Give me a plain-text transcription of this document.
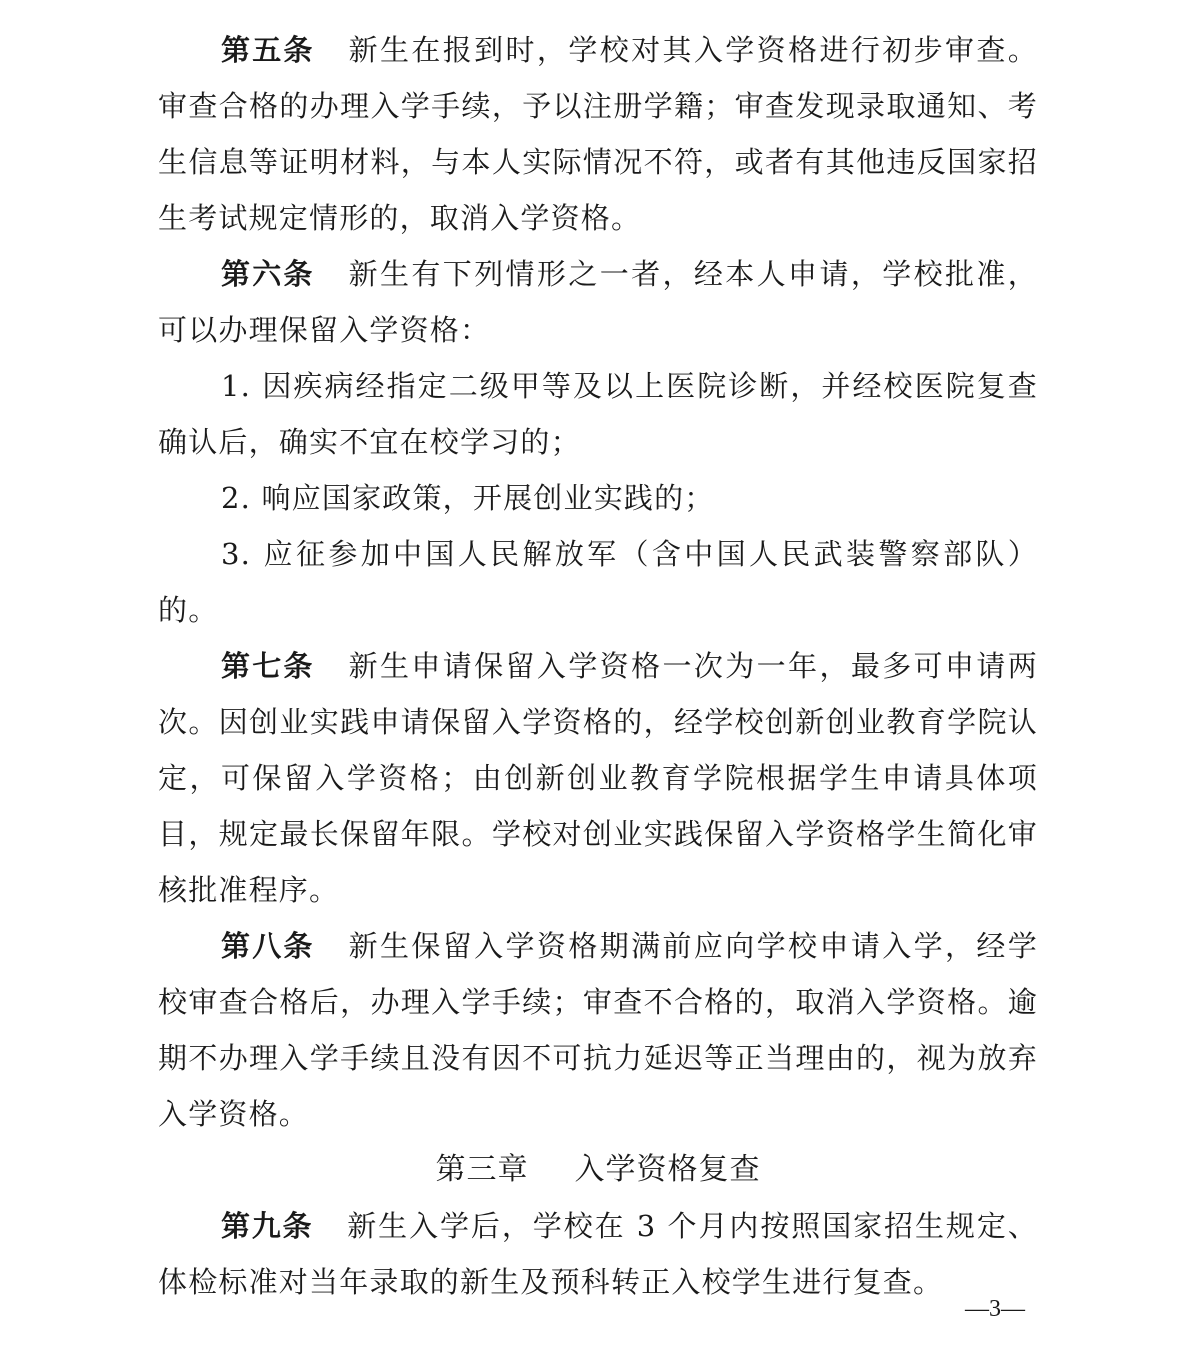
第五条 新生在报到时，学校对其入学资格进行初步审查。审查合格的办理入学手续，予以注册学籍；审查发现录取通知、考生信息等证明材料，与本人实际情况不符，或者有其他违反国家招生考试规定情形的，取消入学资格。

第六条 新生有下列情形之一者，经本人申请，学校批准，可以办理保留入学资格：

1. 因疾病经指定二级甲等及以上医院诊断，并经校医院复查确认后，确实不宜在校学习的；

2. 响应国家政策，开展创业实践的；

3. 应征参加中国人民解放军（含中国人民武装警察部队）的。

第七条 新生申请保留入学资格一次为一年，最多可申请两次。因创业实践申请保留入学资格的，经学校创新创业教育学院认定，可保留入学资格；由创新创业教育学院根据学生申请具体项目，规定最长保留年限。学校对创业实践保留入学资格学生简化审核批准程序。

第八条 新生保留入学资格期满前应向学校申请入学，经学校审查合格后，办理入学手续；审查不合格的，取消入学资格。逾期不办理入学手续且没有因不可抗力延迟等正当理由的，视为放弃入学资格。

第三章 入学资格复查

第九条 新生入学后，学校在 3 个月内按照国家招生规定、体检标准对当年录取的新生及预科转正入校学生进行复查。

—3—
